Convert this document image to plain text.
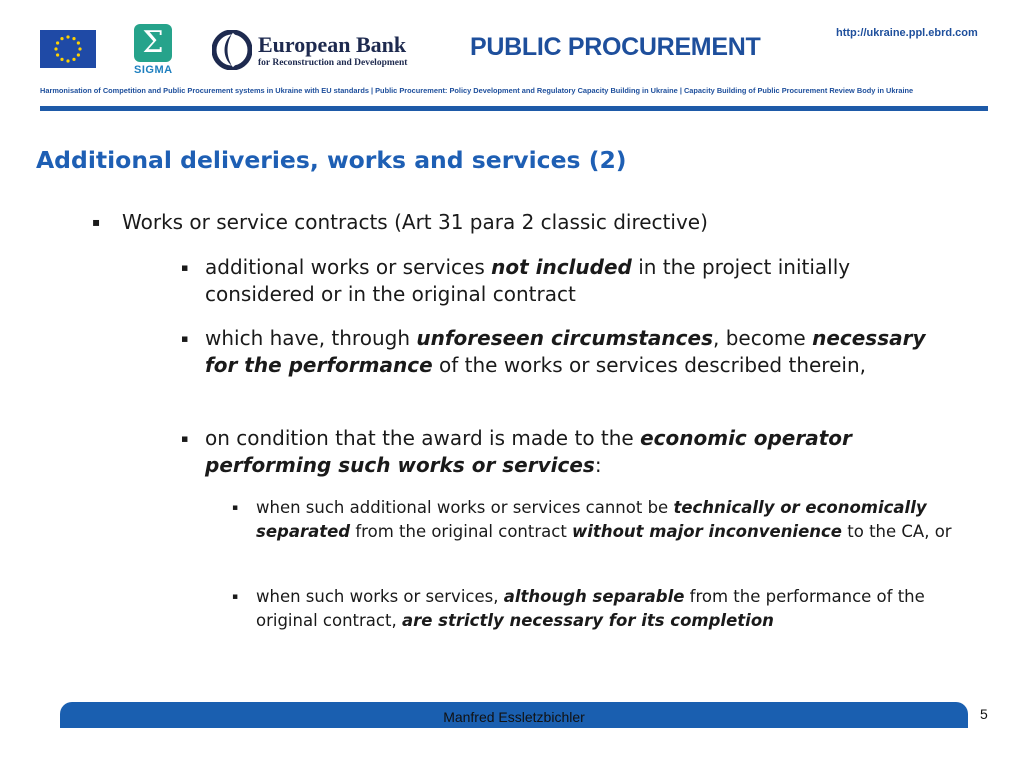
Σ
SIGMA
European Bank
for Reconstruction and Development
PUBLIC PROCUREMENT	http://ukraine.ppl.ebrd.com
Harmonisation of Competition and Public Procurement systems in Ukraine with EU standards | Public Procurement: Policy Development and Regulatory Capacity Building in Ukraine | Capacity Building of Public Procurement Review Body in Ukraine
Additional deliveries, works and services (2)
▪ Works or service contracts (Art 31 para 2 classic directive)
▪ additional works or services not included in the project initially considered or in the original contract
▪ which have, through unforeseen circumstances, become necessary for the performance of the works or services described therein,
▪ on condition that the award is made to the economic operator performing such works or services:
▪ when such additional works or services cannot be technically or economically separated from the original contract without major inconvenience to the CA, or
▪ when such works or services, although separable from the performance of the original contract, are strictly necessary for its completion
Manfred Essletzbichler	5
